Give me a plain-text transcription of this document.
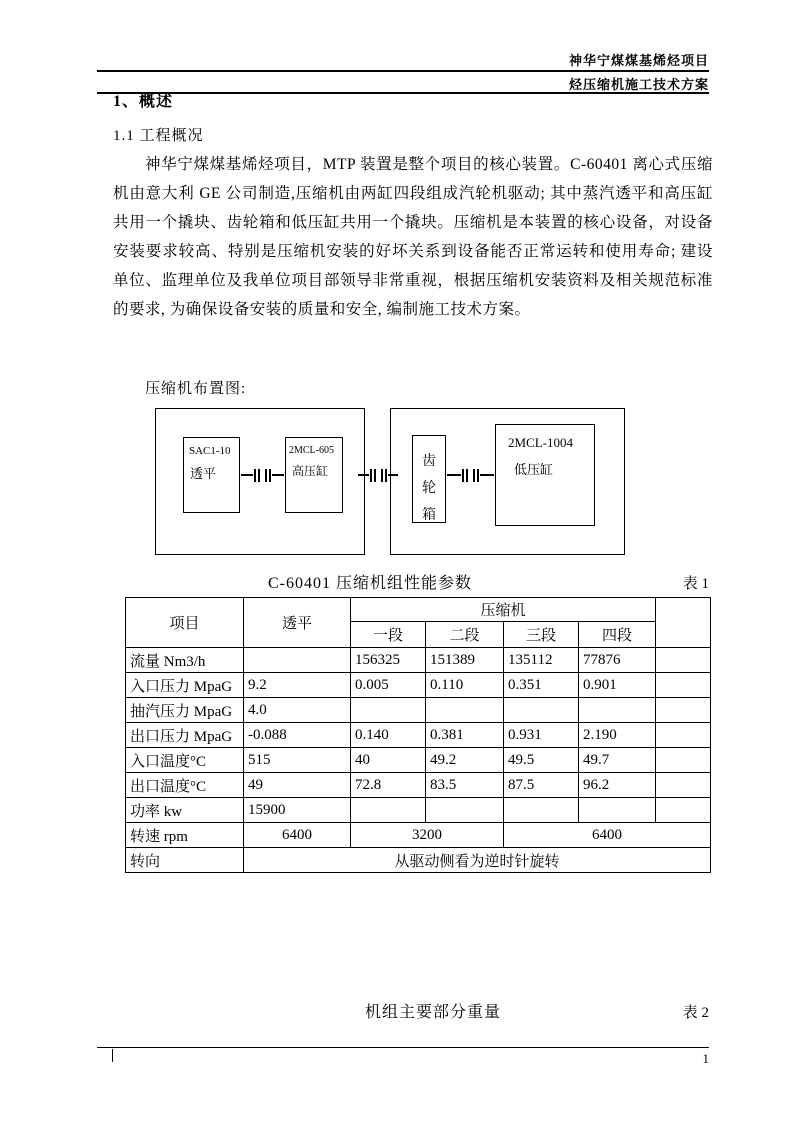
神华宁煤煤基烯烃项目
烃压缩机施工技术方案
1、概述
1.1 工程概况
神华宁煤煤基烯烃项目，MTP 装置是整个项目的核心装置。C-60401 离心式压缩机由意大利 GE 公司制造,压缩机由两缸四段组成汽轮机驱动; 其中蒸汽透平和高压缸共用一个撬块、齿轮箱和低压缸共用一个撬块。压缩机是本装置的核心设备，对设备安装要求较高、特别是压缩机安装的好坏关系到设备能否正常运转和使用寿命; 建设单位、监理单位及我单位项目部领导非常重视，根据压缩机安装资料及相关规范标准的要求, 为确保设备安装的质量和安全, 编制施工技术方案。
压缩机布置图:
SAC1-10
透平
2MCL-605
高压缸
齿轮箱
2MCL-1004
低压缸
C-60401 压缩机组性能参数	表 1
项目	透平	压缩机				
		一段	二段	三段	四段	
流量 Nm3/h		156325	151389	135112	77876	
入口压力 MpaG	9.2	0.005	0.110	0.351	0.901	
抽汽压力 MpaG	4.0					
出口压力 MpaG	-0.088	0.140	0.381	0.931	2.190	
入口温度°C	515	40	49.2	49.5	49.7	
出口温度°C	49	72.8	83.5	87.5	96.2	
功率 kw	15900					
转速 rpm	6400	3200		6400		
转向	从驱动侧看为逆时针旋转					
机组主要部分重量	表 2
1
